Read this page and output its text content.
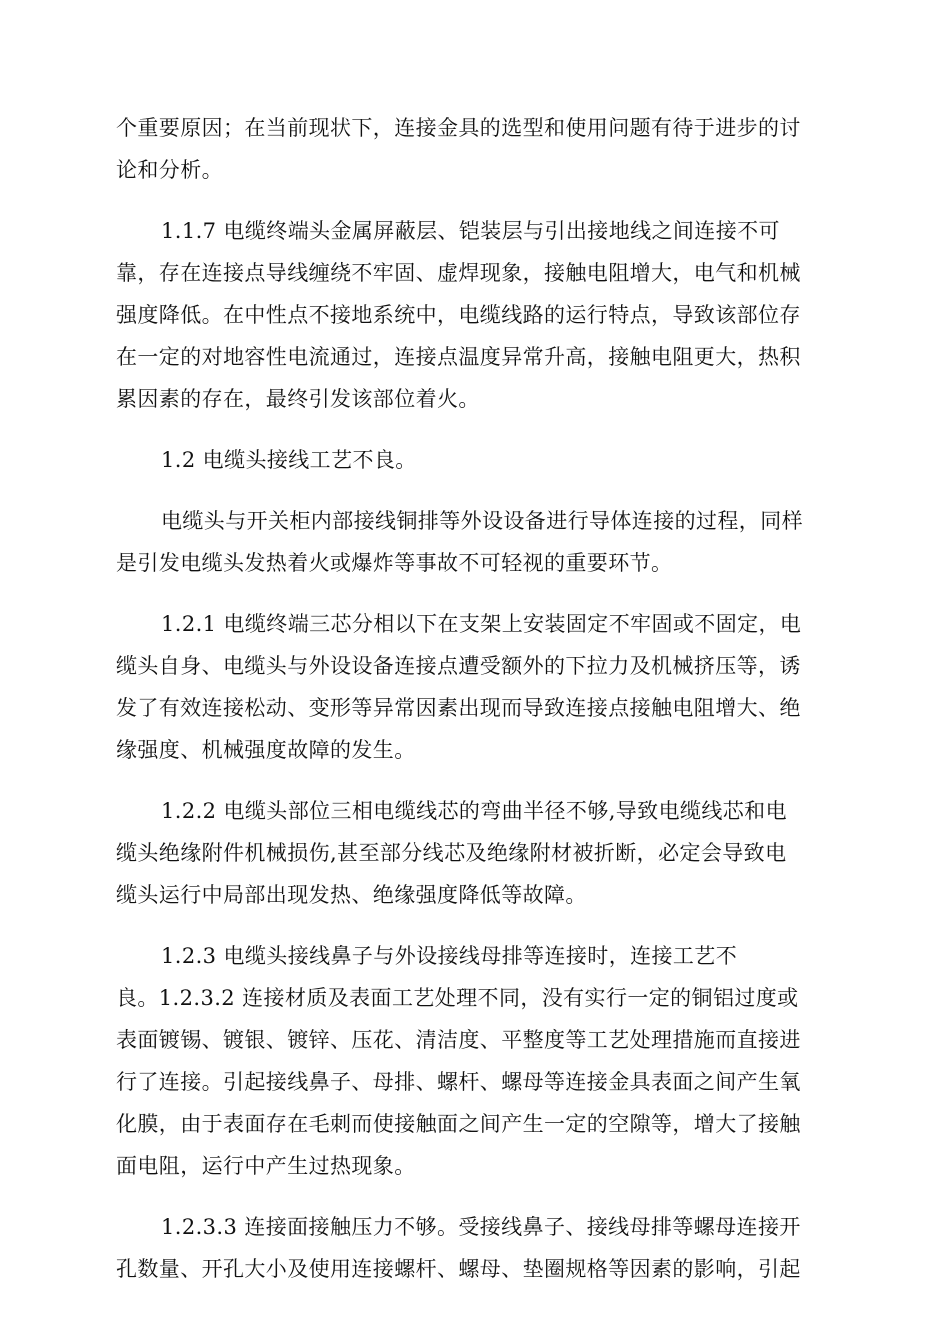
个重要原因；在当前现状下，连接金具的选型和使用问题有待于进步的讨
论和分析。
1.1.7 电缆终端头金属屏蔽层、铠装层与引出接地线之间连接不可
靠，存在连接点导线缠绕不牢固、虚焊现象，接触电阻增大，电气和机械
强度降低。在中性点不接地系统中，电缆线路的运行特点，导致该部位存
在一定的对地容性电流通过，连接点温度异常升高，接触电阻更大，热积
累因素的存在，最终引发该部位着火。
1.2 电缆头接线工艺不良。
电缆头与开关柜内部接线铜排等外设设备进行导体连接的过程，同样
是引发电缆头发热着火或爆炸等事故不可轻视的重要环节。
1.2.1 电缆终端三芯分相以下在支架上安装固定不牢固或不固定，电
缆头自身、电缆头与外设设备连接点遭受额外的下拉力及机械挤压等，诱
发了有效连接松动、变形等异常因素出现而导致连接点接触电阻增大、绝
缘强度、机械强度故障的发生。
1.2.2 电缆头部位三相电缆线芯的弯曲半径不够,导致电缆线芯和电
缆头绝缘附件机械损伤,甚至部分线芯及绝缘附材被折断，必定会导致电
缆头运行中局部出现发热、绝缘强度降低等故障。
1.2.3 电缆头接线鼻子与外设接线母排等连接时，连接工艺不
良。1.2.3.2 连接材质及表面工艺处理不同，没有实行一定的铜铝过度或
表面镀锡、镀银、镀锌、压花、清洁度、平整度等工艺处理措施而直接进
行了连接。引起接线鼻子、母排、螺杆、螺母等连接金具表面之间产生氧
化膜，由于表面存在毛刺而使接触面之间产生一定的空隙等，增大了接触
面电阻，运行中产生过热现象。
1.2.3.3 连接面接触压力不够。受接线鼻子、接线母排等螺母连接开
孔数量、开孔大小及使用连接螺杆、螺母、垫圈规格等因素的影响，引起
